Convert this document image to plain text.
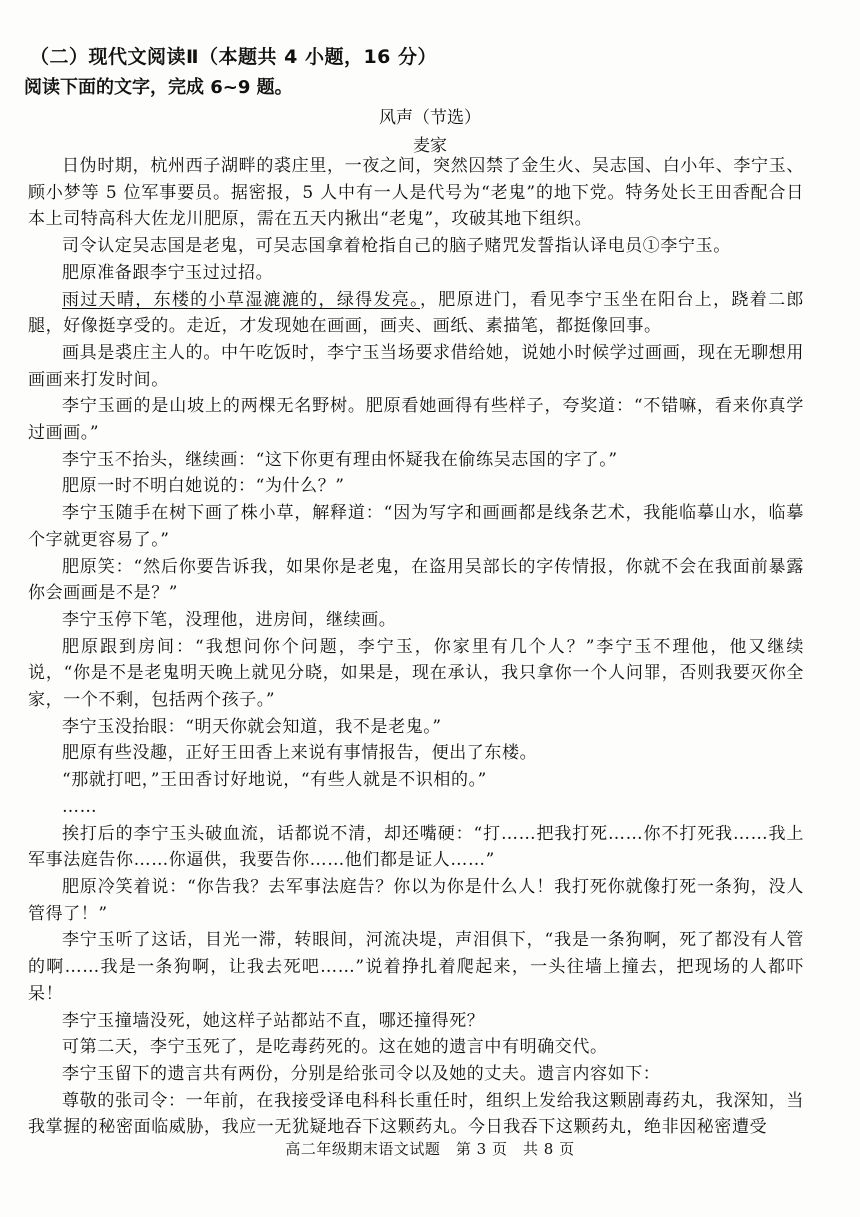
（二）现代文阅读Ⅱ（本题共 4 小题，16 分）
阅读下面的文字，完成 6~9 题。
风声（节选）
麦家

日伪时期，杭州西子湖畔的裘庄里，一夜之间，突然囚禁了金生火、吴志国、白小年、李宁玉、顾小梦等 5 位军事要员。据密报，5 人中有一人是代号为“老鬼”的地下党。特务处长王田香配合日本上司特高科大佐龙川肥原，需在五天内揪出“老鬼”，攻破其地下组织。

司令认定吴志国是老鬼，可吴志国拿着枪指自己的脑子赌咒发誓指认译电员①李宁玉。

肥原准备跟李宁玉过过招。

雨过天晴，东楼的小草湿漉漉的，绿得发亮。，肥原进门，看见李宁玉坐在阳台上，跷着二郎腿，好像挺享受的。走近，才发现她在画画，画夹、画纸、素描笔，都挺像回事。

画具是裘庄主人的。中午吃饭时，李宁玉当场要求借给她，说她小时候学过画画，现在无聊想用画画来打发时间。

李宁玉画的是山坡上的两棵无名野树。肥原看她画得有些样子，夸奖道：“不错嘛，看来你真学过画画。”

李宁玉不抬头，继续画：“这下你更有理由怀疑我在偷练吴志国的字了。”

肥原一时不明白她说的：“为什么？”

李宁玉随手在树下画了株小草，解释道：“因为写字和画画都是线条艺术，我能临摹山水，临摹个字就更容易了。”

肥原笑：“然后你要告诉我，如果你是老鬼，在盗用吴部长的字传情报，你就不会在我面前暴露你会画画是不是？”

李宁玉停下笔，没理他，进房间，继续画。

肥原跟到房间：“我想问你个问题，李宁玉，你家里有几个人？”李宁玉不理他，他又继续说，“你是不是老鬼明天晚上就见分晓，如果是，现在承认，我只拿你一个人问罪，否则我要灭你全家，一个不剩，包括两个孩子。”

李宁玉没抬眼：“明天你就会知道，我不是老鬼。”

肥原有些没趣，正好王田香上来说有事情报告，便出了东楼。

“那就打吧，”王田香讨好地说，“有些人就是不识相的。”

……

挨打后的李宁玉头破血流，话都说不清，却还嘴硬：“打……把我打死……你不打死我……我上军事法庭告你……你逼供，我要告你……他们都是证人……”

肥原冷笑着说：“你告我？去军事法庭告？你以为你是什么人！我打死你就像打死一条狗，没人管得了！”

李宁玉听了这话，目光一滞，转眼间，河流决堤，声泪俱下，“我是一条狗啊，死了都没有人管的啊……我是一条狗啊，让我去死吧……”说着挣扎着爬起来，一头往墙上撞去，把现场的人都吓呆！

李宁玉撞墙没死，她这样子站都站不直，哪还撞得死？

可第二天，李宁玉死了，是吃毒药死的。这在她的遗言中有明确交代。

李宁玉留下的遗言共有两份，分别是给张司令以及她的丈夫。遗言内容如下：

尊敬的张司令：一年前，在我接受译电科科长重任时，组织上发给我这颗剧毒药丸，我深知，当我掌握的秘密面临威胁，我应一无犹疑地吞下这颗药丸。今日我吞下这颗药丸，绝非因秘密遭受

高二年级期末语文试题　第 3 页　共 8 页
